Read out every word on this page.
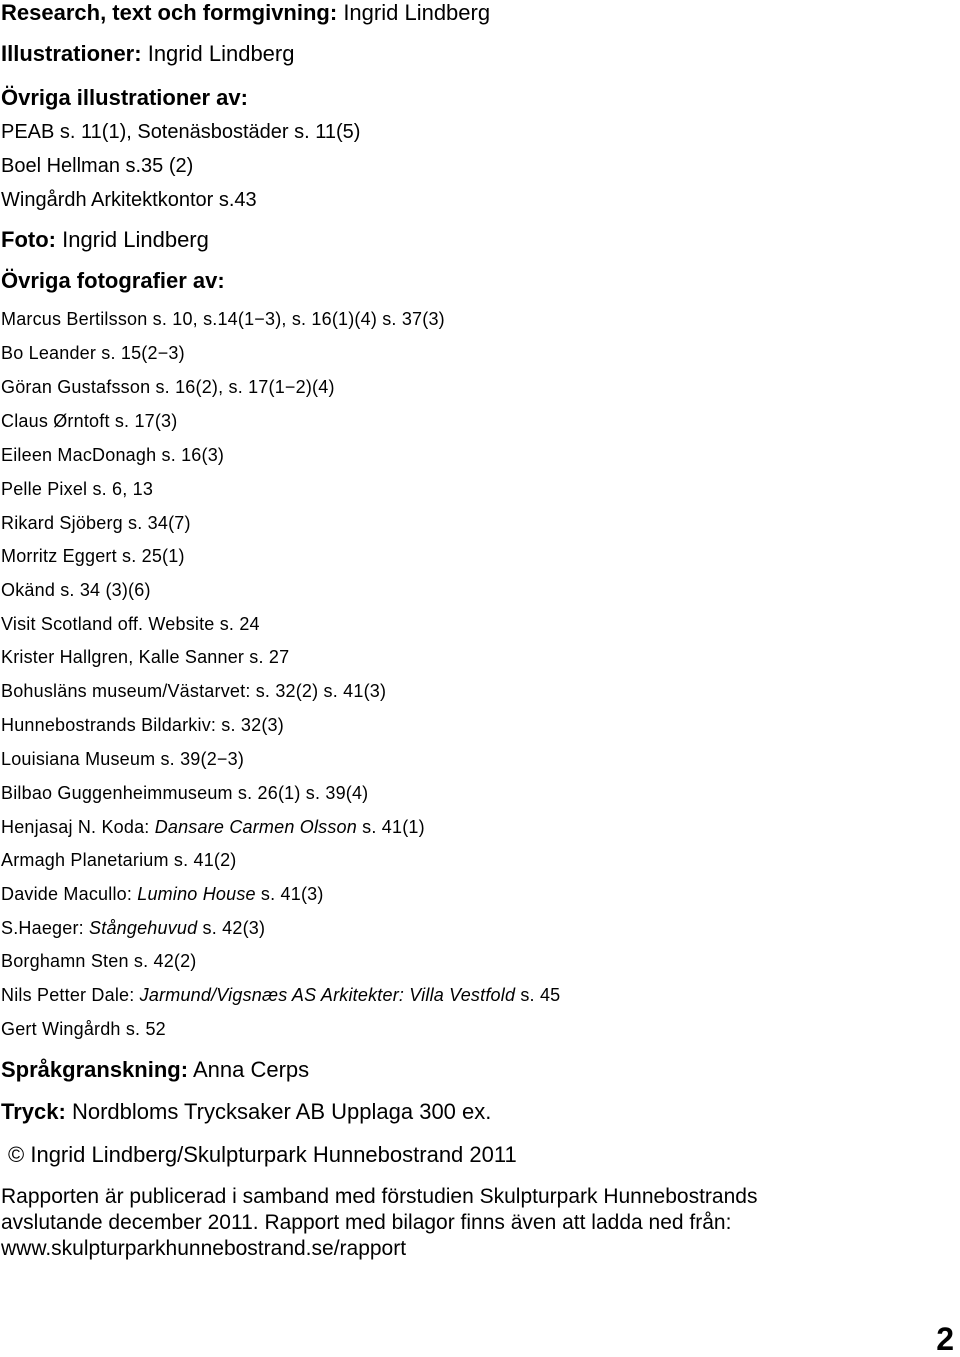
Research, text och formgivning: Ingrid Lindberg
Illustrationer: Ingrid Lindberg
Övriga illustrationer av:
PEAB s. 11(1), Sotenäsbostäder s. 11(5)
Boel Hellman s.35 (2)
Wingårdh Arkitektkontor s.43
Foto: Ingrid Lindberg
Övriga fotografier av:
Marcus Bertilsson s. 10, s.14(1−3), s. 16(1)(4) s. 37(3)
Bo Leander s. 15(2−3)
Göran Gustafsson s. 16(2), s. 17(1−2)(4)
Claus Ørntoft s. 17(3)
Eileen MacDonagh s. 16(3)
Pelle Pixel s. 6, 13
Rikard Sjöberg s. 34(7)
Morritz Eggert s. 25(1)
Okänd s. 34 (3)(6)
Visit Scotland off. Website s. 24
Krister Hallgren, Kalle Sanner s. 27
Bohusläns museum/Västarvet: s. 32(2) s. 41(3)
Hunnebostrands Bildarkiv: s. 32(3)
Louisiana Museum s. 39(2−3)
Bilbao Guggenheimmuseum s. 26(1) s. 39(4)
Henjasaj N. Koda: Dansare Carmen Olsson s. 41(1)
Armagh Planetarium s. 41(2)
Davide Macullo: Lumino House s. 41(3)
S.Haeger: Stångehuvud s. 42(3)
Borghamn Sten s. 42(2)
Nils Petter Dale: Jarmund/Vigsnæs AS Arkitekter: Villa Vestfold s. 45
Gert Wingårdh s. 52
Språkgranskning: Anna Cerps
Tryck: Nordbloms Trycksaker AB Upplaga 300 ex.
© Ingrid Lindberg/Skulpturpark Hunnebostrand 2011
Rapporten är publicerad i samband med förstudien Skulpturpark Hunnebostrands
avslutande december 2011. Rapport med bilagor finns även att ladda ned från:
www.skulpturparkhunnebostrand.se/rapport
2
